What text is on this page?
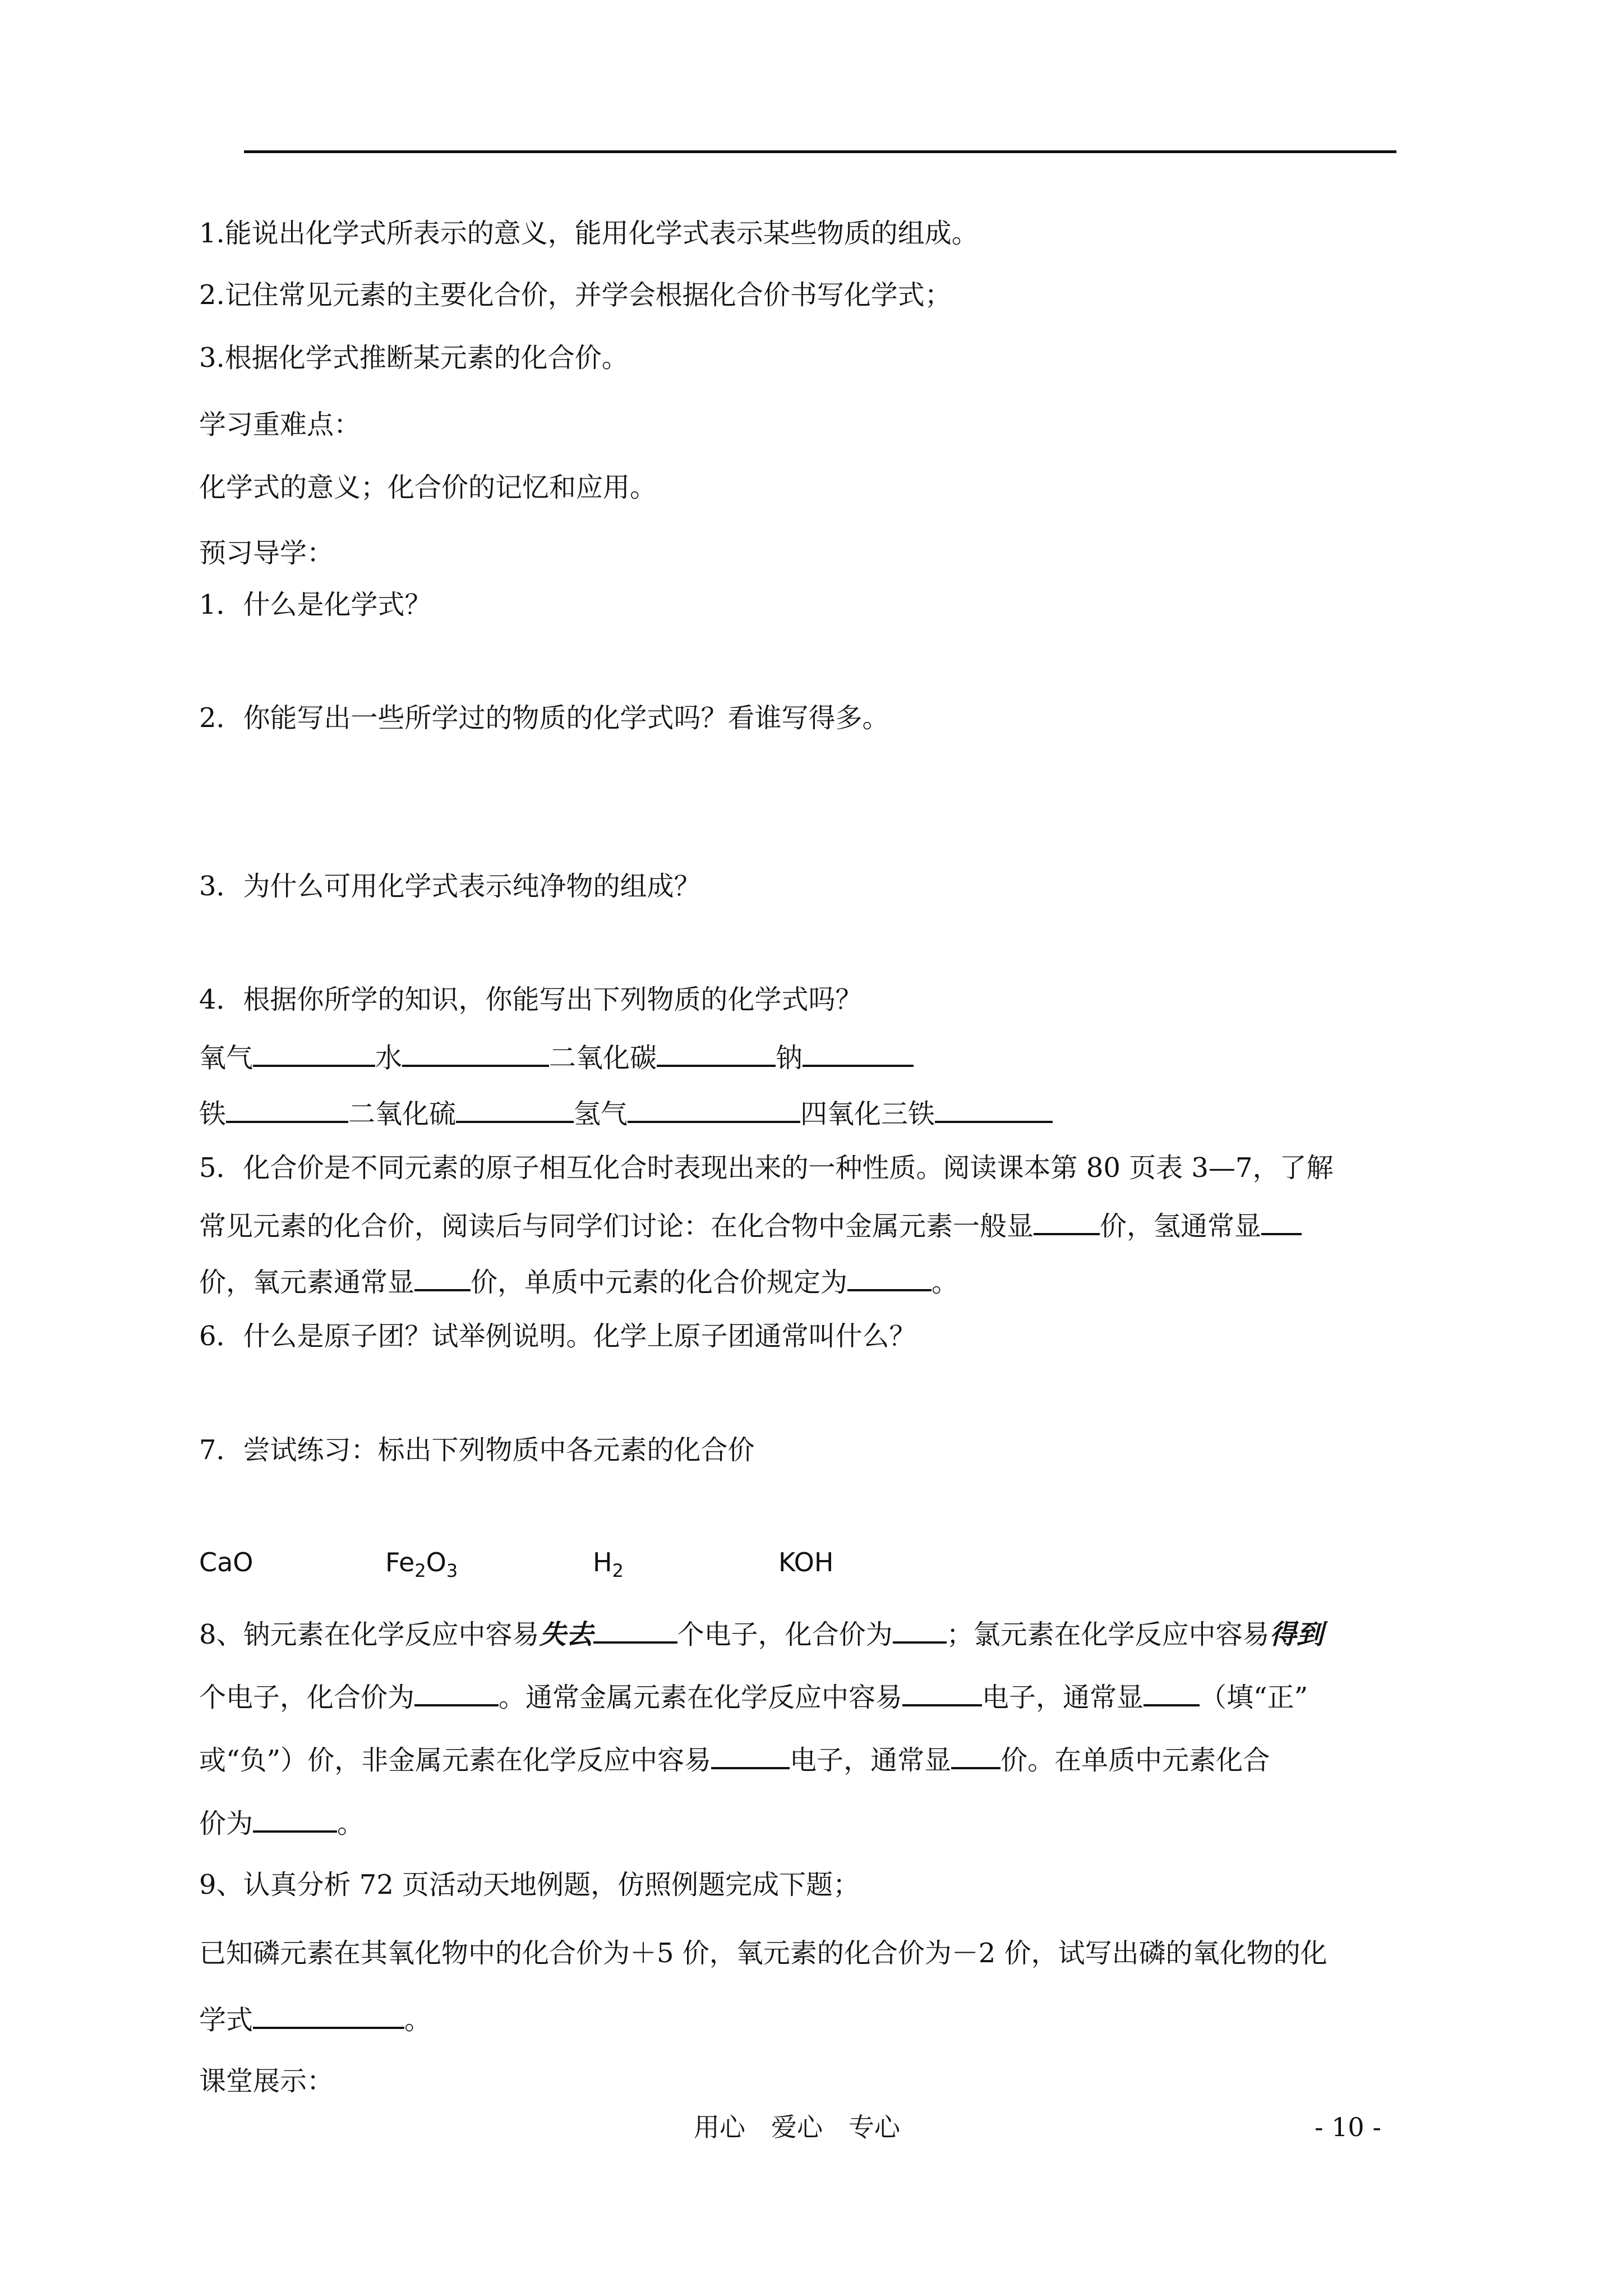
1.能说出化学式所表示的意义，能用化学式表示某些物质的组成。
2.记住常见元素的主要化合价，并学会根据化合价书写化学式；
3.根据化学式推断某元素的化合价。
学习重难点：
化学式的意义；化合价的记忆和应用。
预习导学：
1．什么是化学式？
2．你能写出一些所学过的物质的化学式吗？看谁写得多。
3．为什么可用化学式表示纯净物的组成？
4．根据你所学的知识，你能写出下列物质的化学式吗？
氧气	水	二氧化碳	钠
铁	二氧化硫	氢气	四氧化三铁
5．化合价是不同元素的原子相互化合时表现出来的一种性质。阅读课本第 80 页表 3—7，了解
常见元素的化合价，阅读后与同学们讨论：在化合物中金属元素一般显 价，氢通常显
价，氧元素通常显 价，单质中元素的化合价规定为	。
6．什么是原子团？试举例说明。化学上原子团通常叫什么？
7．尝试练习：标出下列物质中各元素的化合价
CaO	$Fe_2O_3$	$H_2$	KOH
8、钠元素在化学反应中容易失去	个电子，化合价为 ；氯元素在化学反应中容易得到
个电子，化合价为	。通常金属元素在化学反应中容易	电子，通常显 （填“正”
或“负”）价，非金属元素在化学反应中容易	电子，通常显 价。在单质中元素化合
价为	。
9、认真分析 72 页活动天地例题，仿照例题完成下题；
已知磷元素在其氧化物中的化合价为＋5 价，氧元素的化合价为－2 价，试写出磷的氧化物的化
学式	。
课堂展示：
用心　爱心　专心	- 10 -
